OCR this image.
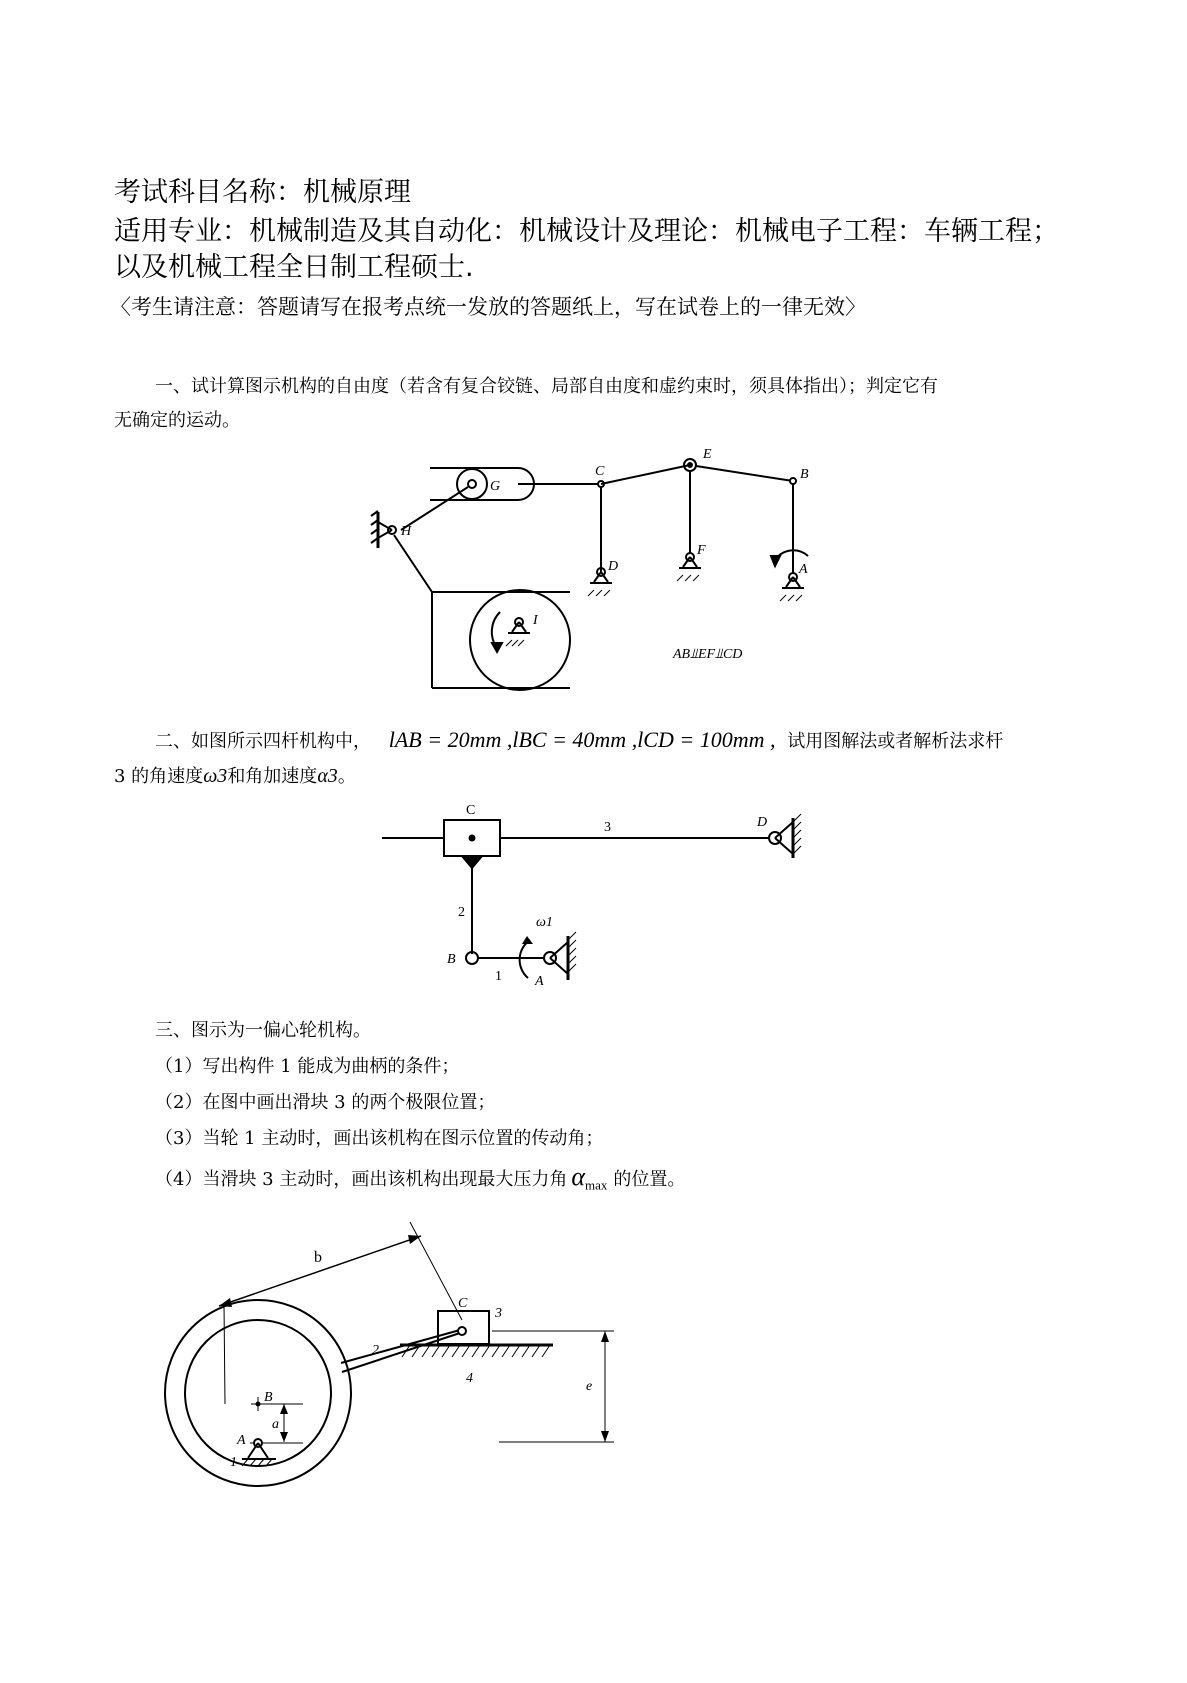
考试科目名称：机械原理
适用专业：机械制造及其自动化：机械设计及理论：机械电子工程：车辆工程；
以及机械工程全日制工程硕士.
〈考生请注意：答题请写在报考点统一发放的答题纸上，写在试卷上的一律无效〉
一、试计算图示机构的自由度（若含有复合铰链、局部自由度和虚约束时，须具体指出）；判定它有
无确定的运动。
G
H
C
D
E
F
B
A
I
AB⫫EF⫫CD
二、如图所示四杆机构中， lAB = 20mm ,lBC = 40mm ,lCD = 100mm , 试用图解法或者解析法求杆
3 的角速度ω3和角加速度α3。
C
D
3
2
B
1 A
ω1
三、图示为一偏心轮机构。
（1）写出构件 1 能成为曲柄的条件；
（2）在图中画出滑块 3 的两个极限位置；
（3）当轮 1 主动时，画出该机构在图示位置的传动角；
（4）当滑块 3 主动时，画出该机构出现最大压力角 $\alpha_{max}$ 的位置。
b
C
3
2
4
B
A
a
e
1
